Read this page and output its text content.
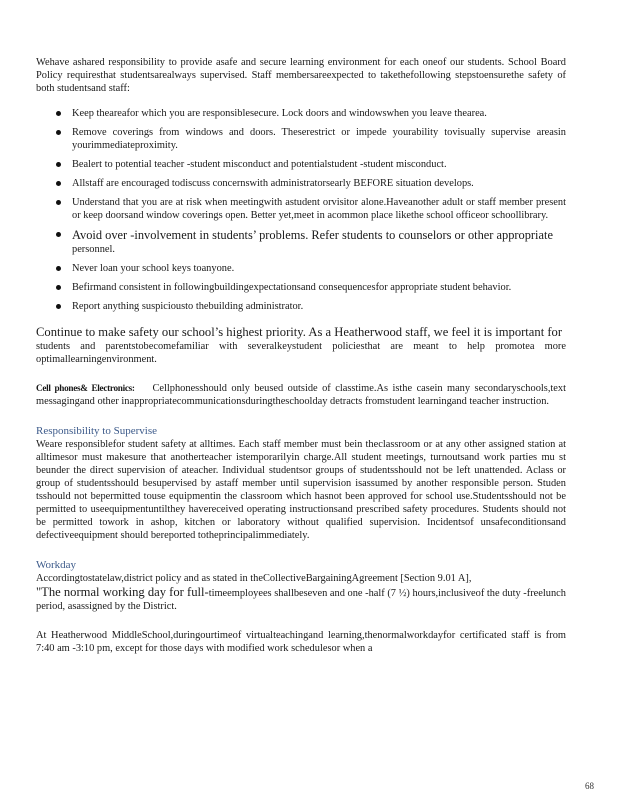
Wehave ashared responsibility to provide asafe and secure learning environment for each oneof our students. School Board Policy requiresthat studentsarealways supervised. Staff membersareexpected to takethefollowing stepstoensurethe safety of both studentsand staff:

Keep theareafor which you are responsiblesecure. Lock doors and windowswhen you leave thearea.
Remove coverings from windows and doors. Theserestrict or impede yourability tovisually supervise areasin yourimmediateproximity.
Bealert to potential teacher -student misconduct and potentialstudent -student misconduct.
Allstaff are encouraged todiscuss concernswith administratorsearly BEFORE situation develops.
Understand that you are at risk when meetingwith astudent orvisitor alone.Haveanother adult or staff member present or keep doorsand window coverings open. Better yet,meet in acommon place likethe school officeor schoollibrary.
Avoid over -involvement in students’ problems. Refer students to counselors or other appropriate
personnel.
Never loan your school keys toanyone.
Befirmand consistent in followingbuildingexpectationsand consequencesfor appropriate student behavior.
Report anything suspiciousto thebuilding administrator.

Continue to make safety our school’s highest priority. As a Heatherwood staff, we feel it is important for

students and parentstobecomefamiliar with severalkeystudent policiesthat are meant to help promotea more optimallearningenvironment.

Cell phones& Electronics: Cellphonesshould only beused outside of classtime.As isthe casein many secondaryschools,text messagingand other inappropriatecommunicationsduringtheschoolday detracts fromstudent learningand teacher instruction.

Responsibility to Supervise

Weare responsiblefor student safety at alltimes. Each staff member must bein theclassroom or at any other assigned station at alltimesor must makesure that anotherteacher istemporarilyin charge.All student meetings, turnoutsand work parties mu st beunder the direct supervision of ateacher. Individual studentsor groups of studentsshould not be left unattended. Aclass or group of studentsshould besupervised by astaff member until supervision isassumed by another responsible person. Studen tsshould not bepermitted touse equipmentin the classroom which hasnot been approved for school use.Studentsshould not be permitted to useequipmentuntilthey havereceived operating instructionsand prescribed safety procedures. Students should not be permitted towork in ashop, kitchen or laboratory without qualified supervision. Incidentsof unsafeconditionsand defectiveequipment should bereported totheprincipalimmediately.

Workday

Accordingtostatelaw,district policy and as stated in theCollectiveBargainingAgreement [Section 9.01 A],

"The normal working day for full-timeemployees shallbeseven and one -half (7 ½) hours,inclusiveof the duty -freelunch period, asassigned by the District.

At Heatherwood MiddleSchool,duringourtimeof virtualteachingand learning,thenormalworkdayfor certificated staff is from 7:40 am -3:10 pm, except for those days with modified work schedulesor when a

68
